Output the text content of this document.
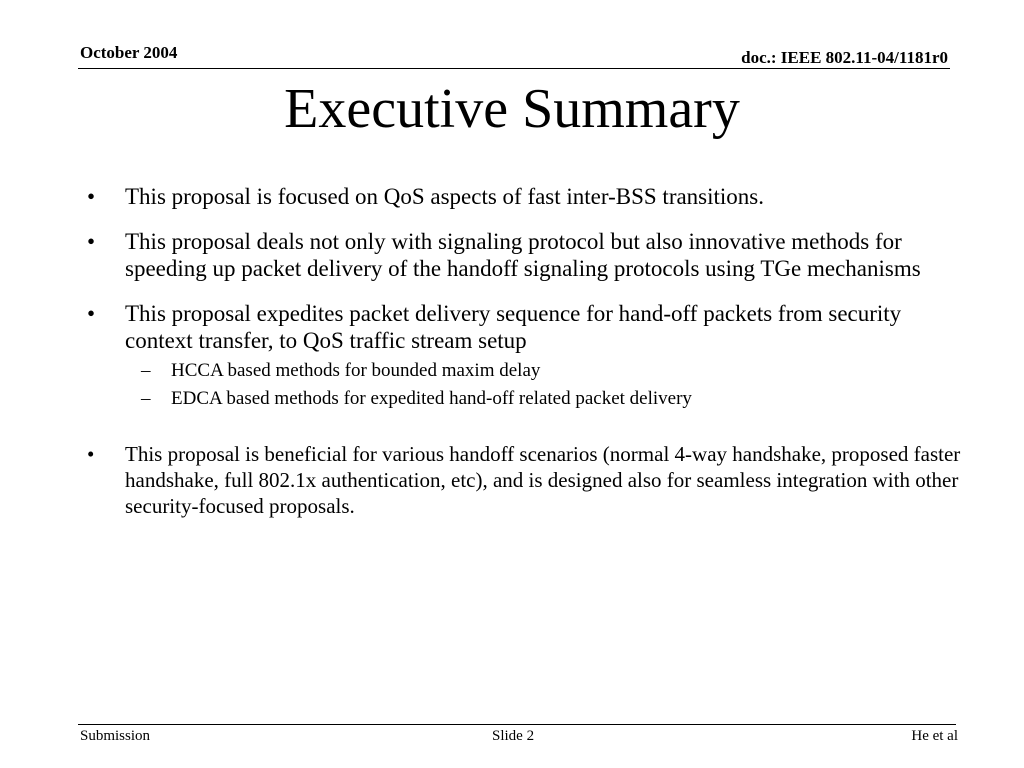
October 2004	doc.: IEEE 802.11-04/1181r0
Executive Summary
• This proposal is focused on QoS aspects of fast inter-BSS transitions.
• This proposal deals not only with signaling protocol but also innovative methods for speeding up packet delivery of the handoff signaling protocols using TGe mechanisms
• This proposal expedites packet delivery sequence for hand-off packets from security context transfer, to QoS traffic stream setup
– HCCA based methods for bounded maxim delay
– EDCA based methods for expedited hand-off related packet delivery
• This proposal is beneficial for various handoff scenarios (normal 4-way handshake, proposed faster handshake, full 802.1x authentication, etc), and is designed also for seamless integration with other security-focused proposals.
Submission	Slide 2	He et al
